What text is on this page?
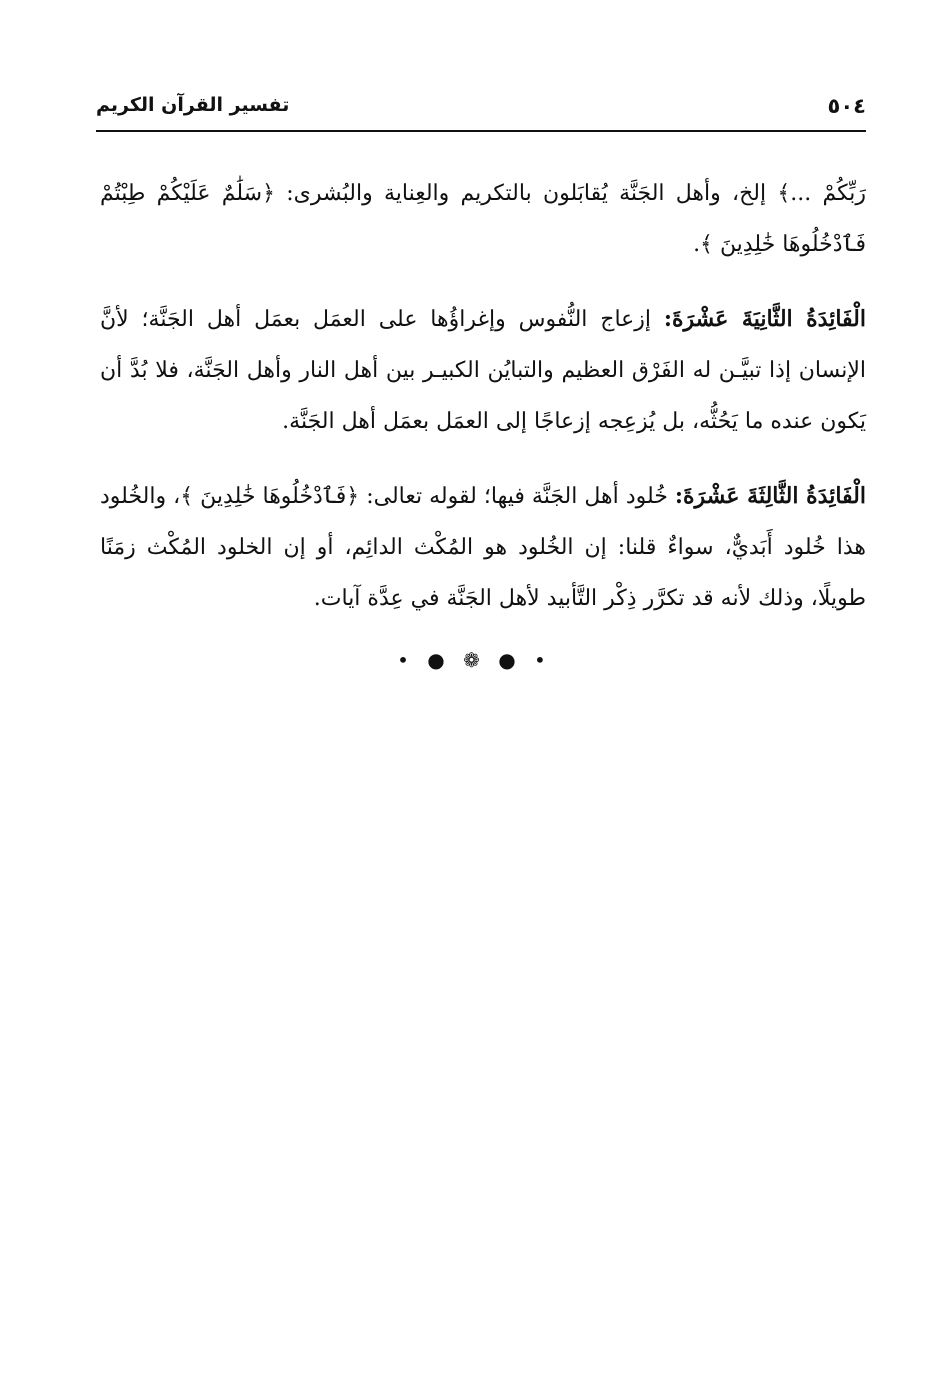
٥٠٤
تفسير القرآن الكريم

رَبِّكُمْ ...﴾ إلخ، وأهل الجَنَّة يُقابَلون بالتكريم والعِناية والبُشرى: ﴿سَلَٰمٌ عَلَيْكُمْ طِبْتُمْ فَٱدْخُلُوهَا خَٰلِدِينَ ﴾.

الْفَائِدَةُ الثَّانِيَةَ عَشْرَةَ: إزعاج النُّفوس وإغراؤُها على العمَل بعمَل أهل الجَنَّة؛ لأنَّ الإنسان إذا تبيَّـن له الفَرْق العظيم والتبايُن الكبيـر بين أهل النار وأهل الجَنَّة، فلا بُدَّ أن يَكون عنده ما يَحُثُّه، بل يُزعِجه إزعاجًا إلى العمَل بعمَل أهل الجَنَّة.

الْفَائِدَةُ الثَّالِثَةَ عَشْرَةَ: خُلود أهل الجَنَّة فيها؛ لقوله تعالى: ﴿فَٱدْخُلُوهَا خَٰلِدِينَ ﴾، والخُلود هذا خُلود أَبَديٌّ، سواءٌ قلنا: إن الخُلود هو المُكْث الدائِم، أو إن الخلود المُكْث زمَنًا طويلًا، وذلك لأنه قد تكرَّر ذِكْر التَّأبيد لأهل الجَنَّة في عِدَّة آيات.

• ● ❁ ● •
